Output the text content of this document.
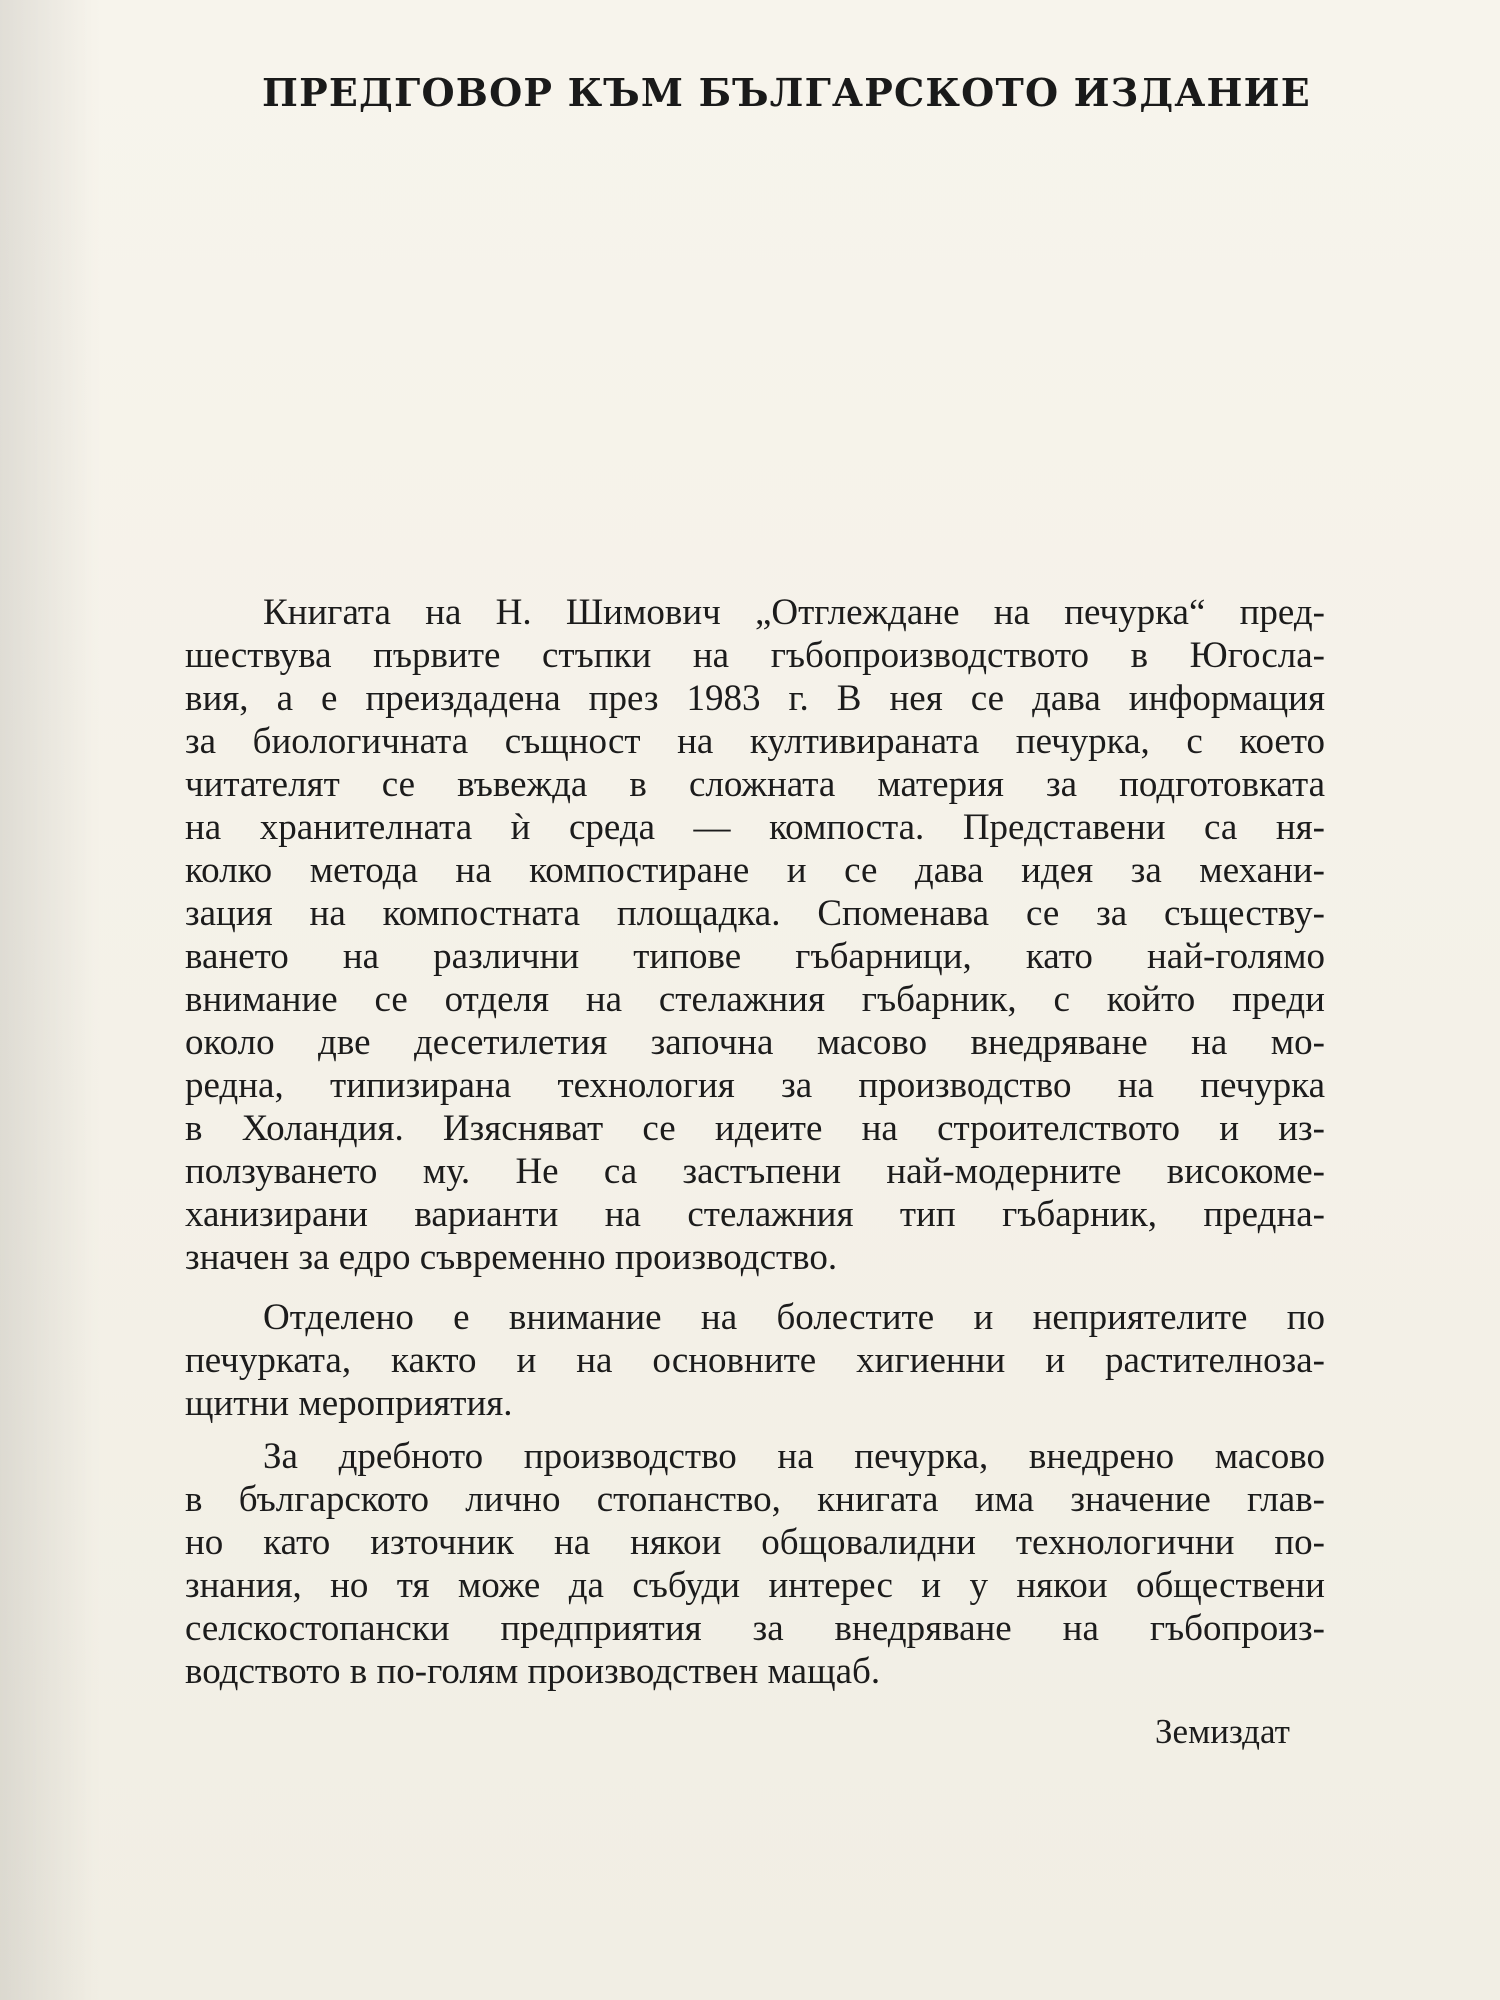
ПРЕДГОВОР КЪМ БЪЛГАРСКОТО ИЗДАНИЕ
Книгата на Н. Шимович „Отглеждане на печурка“ пред-
шествува първите стъпки на гъбопроизводството в Югосла-
вия, а е преиздадена през 1983 г. В нея се дава информация
за биологичната същност на култивираната печурка, с което
читателят се въвежда в сложната материя за подготовката
на хранителната ѝ среда — компоста. Представени са ня-
колко метода на компостиране и се дава идея за механи-
зация на компостната площадка. Споменава се за съществу-
ването на различни типове гъбарници, като най-голямо
внимание се отделя на стелажния гъбарник, с който преди
около две десетилетия започна масово внедряване на мо-
редна, типизирана технология за производство на печурка
в Холандия. Изясняват се идеите на строителството и из-
ползуването му. Не са застъпени най-модерните високоме-
ханизирани варианти на стелажния тип гъбарник, предна-
значен за едро съвременно производство.
Отделено е внимание на болестите и неприятелите по
печурката, както и на основните хигиенни и растителноза-
щитни мероприятия.
За дребното производство на печурка, внедрено масово
в българското лично стопанство, книгата има значение глав-
но като източник на някои общовалидни технологични по-
знания, но тя може да събуди интерес и у някои обществени
селскостопански предприятия за внедряване на гъбопроиз-
водството в по-голям производствен мащаб.
Земиздат
